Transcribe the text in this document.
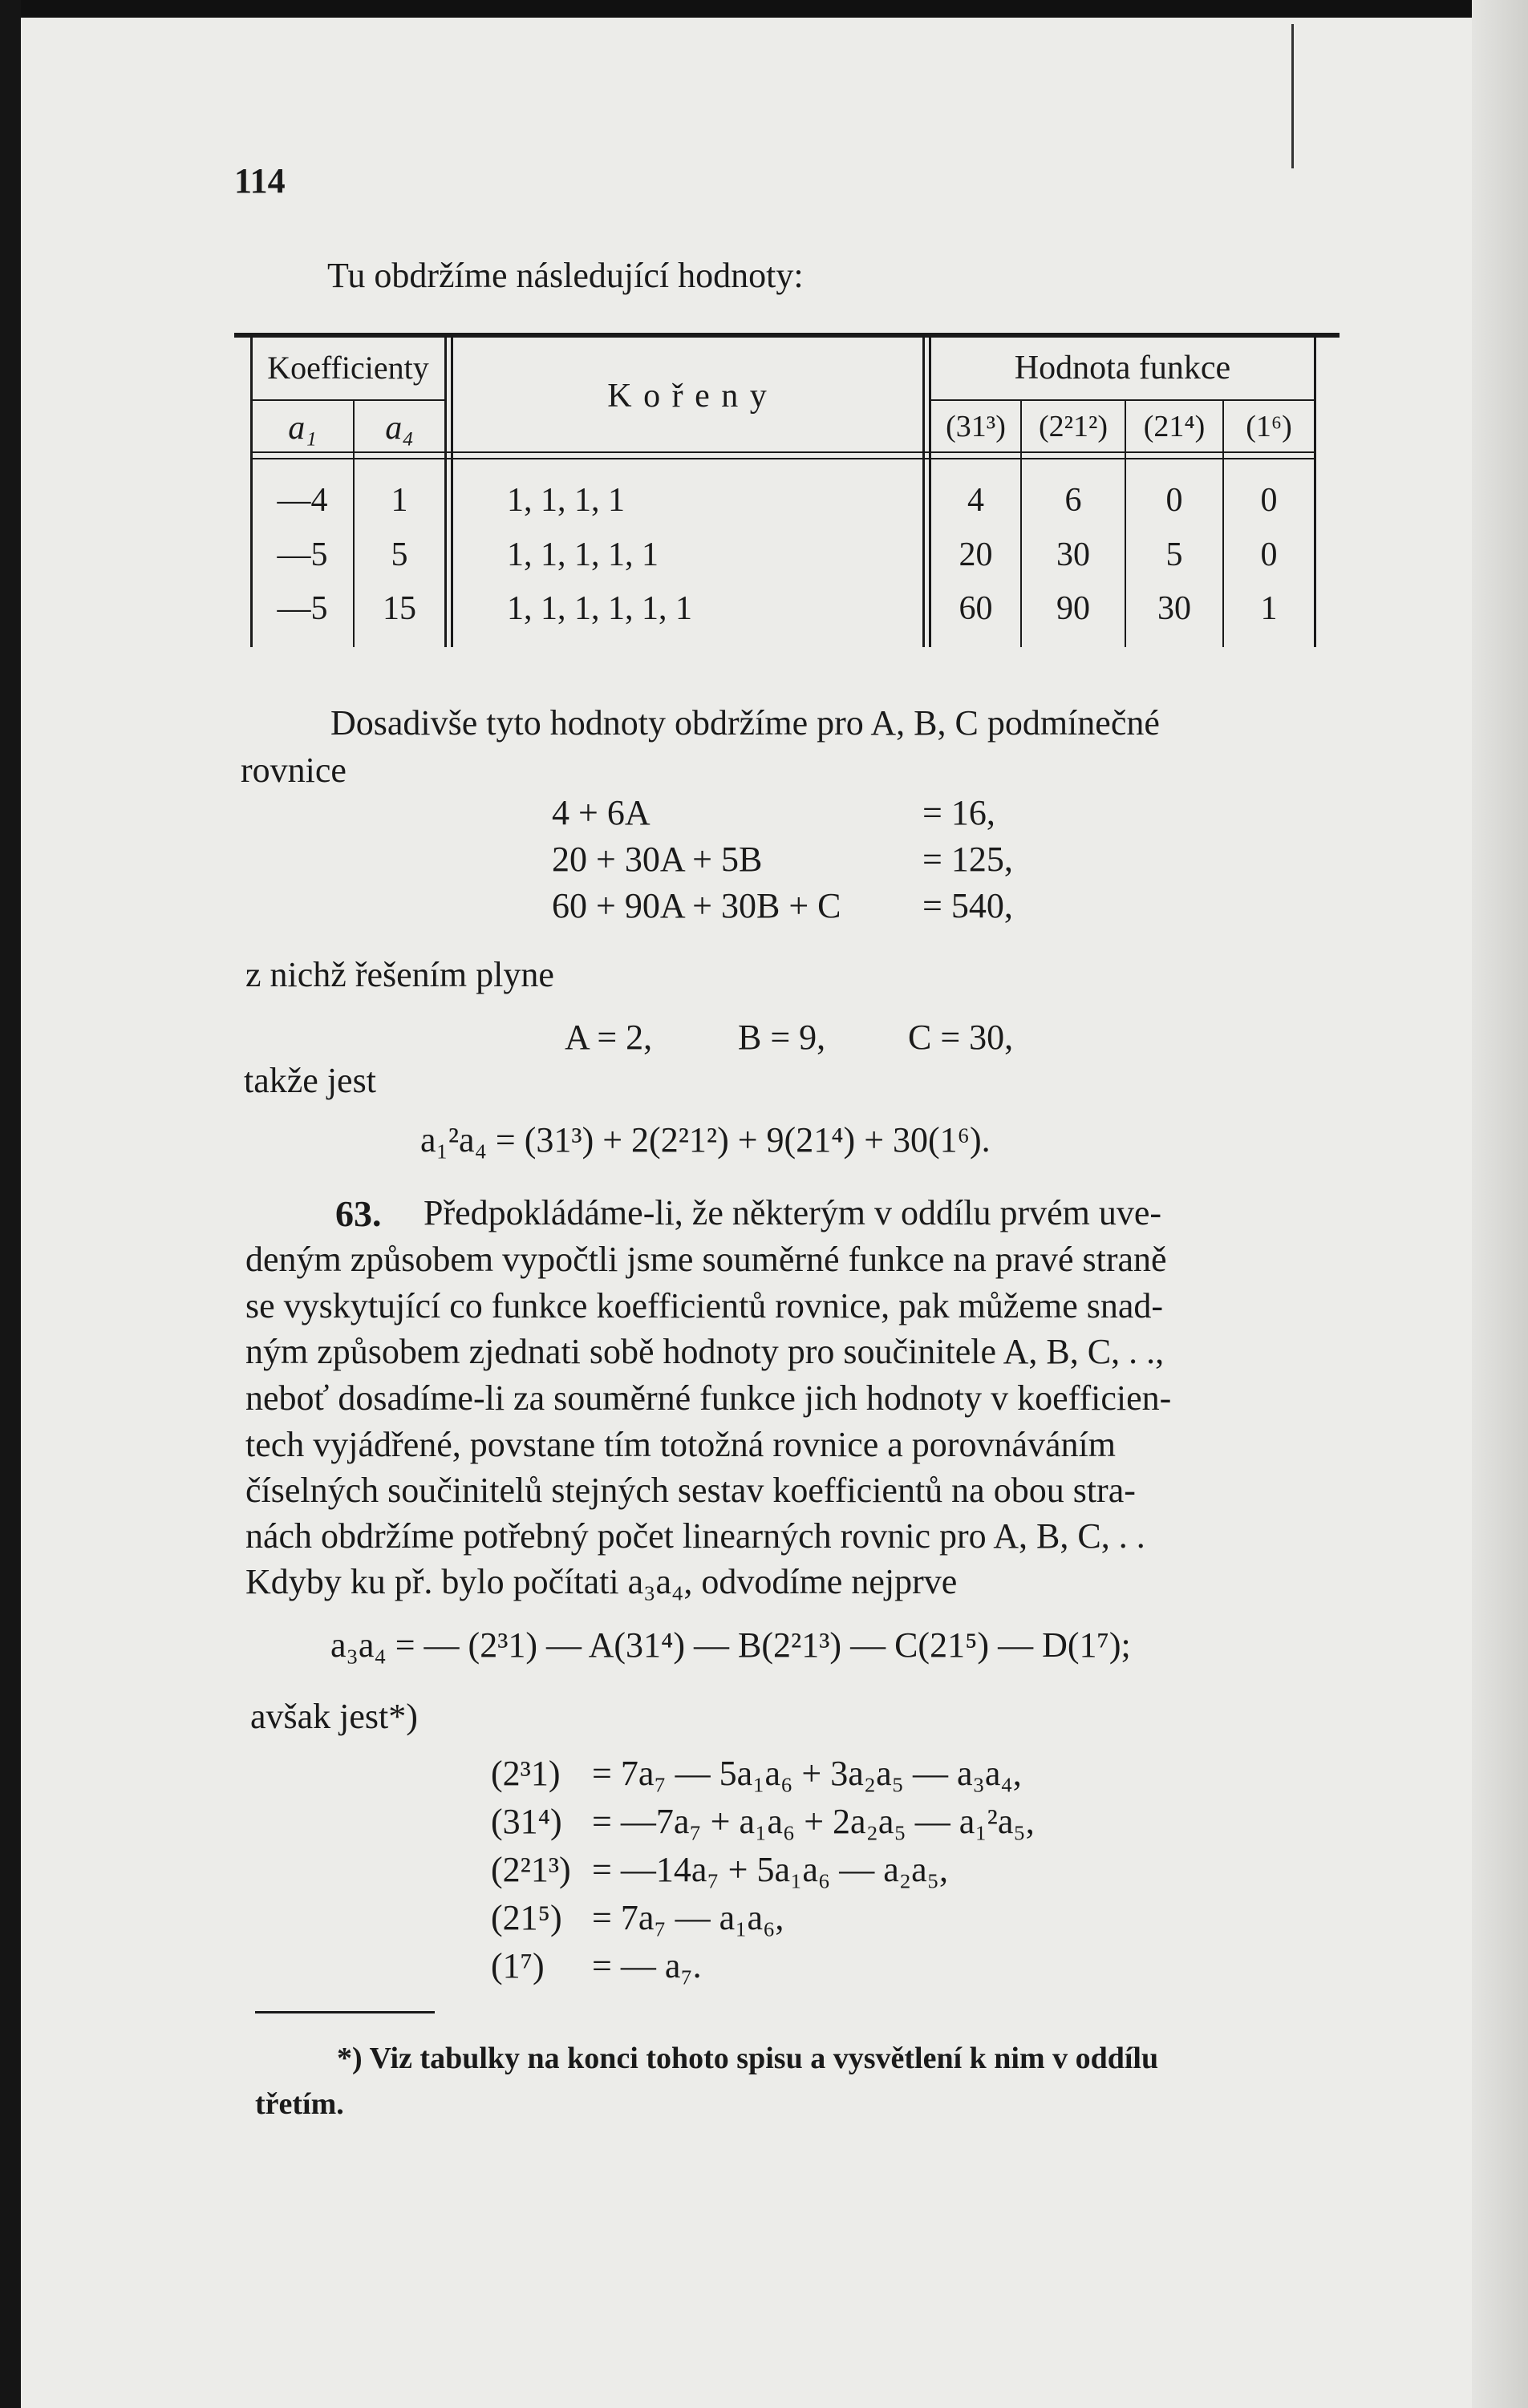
114
Tu obdržíme následující hodnoty:
Koefficienty
a₁	a₄
K o ř e n y
Hodnota funkce
(31³)	(2²1²)	(21⁴)	(1⁶)
—4	1	1, 1, 1, 1	4	6	0	0
—5	5	1, 1, 1, 1, 1	20	30	5	0
—5	15	1, 1, 1, 1, 1, 1	60	90	30	1
Dosadivše tyto hodnoty obdržíme pro A, B, C podmínečné
rovnice
4 + 6A	= 16,
20 + 30A + 5B	= 125,
60 + 90A + 30B + C = 540,
z nichž řešením plyne
A = 2, B = 9, C = 30,
takže jest
a₁²a₄ = (31³) + 2(2²1²) + 9(21⁴) + 30(1⁶).
63. Předpokládáme-li, že některým v oddílu prvém uve-
deným způsobem vypočtli jsme souměrné funkce na pravé straně
se vyskytující co funkce koefficientů rovnice, pak můžeme snad-
ným způsobem zjednati sobě hodnoty pro součinitele A, B, C, . .,
neboť dosadíme-li za souměrné funkce jich hodnoty v koefficien-
tech vyjádřené, povstane tím totožná rovnice a porovnáváním
číselných součinitelů stejných sestav koefficientů na obou stra-
nách obdržíme potřebný počet linearných rovnic pro A, B, C, . .
Kdyby ku př. bylo počítati a₃a₄, odvodíme nejprve
a₃a₄ = — (2³1) — A(31⁴) — B(2²1³) — C(21⁵) — D(1⁷);
avšak jest*)
(2³1) = 7a₇ — 5a₁a₆ + 3a₂a₅ — a₃a₄,
(31⁴) = —7a₇ + a₁a₆ + 2a₂a₅ — a₁²a₅,
(2²1³) = —14a₇ + 5a₁a₆ — a₂a₅,
(21⁵) = 7a₇ — a₁a₆,
(1⁷) = — a₇.
*) Viz tabulky na konci tohoto spisu a vysvětlení k nim v oddílu
třetím.
